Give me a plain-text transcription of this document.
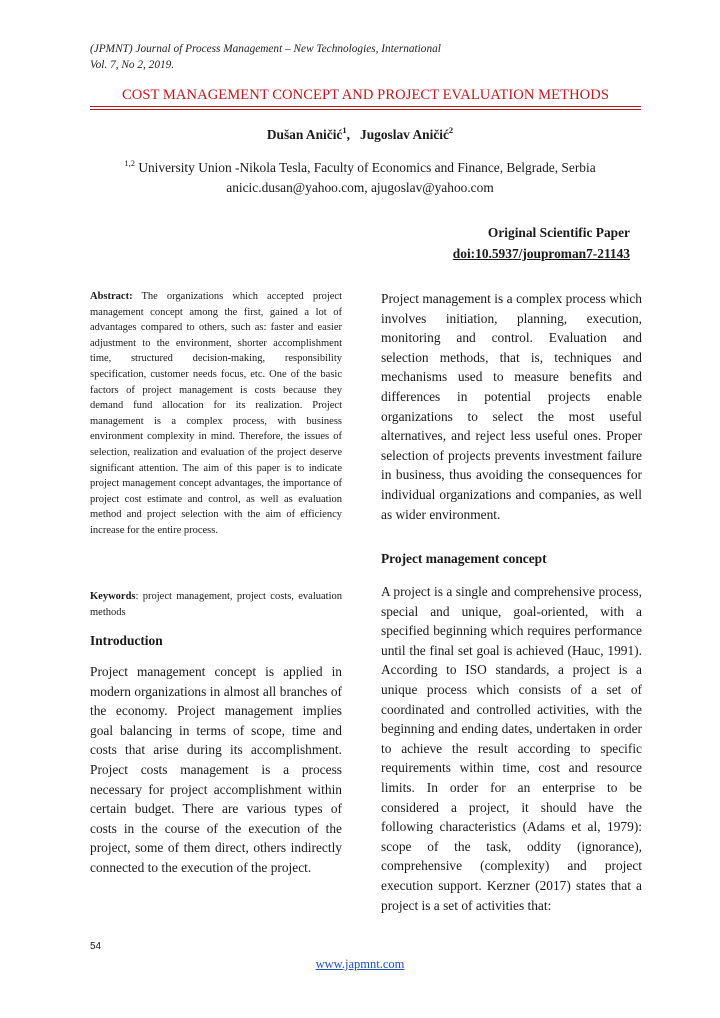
(JPMNT) Journal of Process Management – New Technologies, International
Vol. 7, No 2, 2019.
COST MANAGEMENT CONCEPT AND PROJECT EVALUATION METHODS
Dušan Aničić$^1$,   Jugoslav Aničić$^2$
$^{1,2}$ University Union -Nikola Tesla, Faculty of Economics and Finance, Belgrade, Serbia
anicic.dusan@yahoo.com, ajugoslav@yahoo.com
Original Scientific Paper
doi:10.5937/jouproman7-21143
Abstract: The organizations which accepted project management concept among the first, gained a lot of advantages compared to others, such as: faster and easier adjustment to the environment, shorter accomplishment time, structured decision-making, responsibility specification, customer needs focus, etc. One of the basic factors of project management is costs because they demand fund allocation for its realization. Project management is a complex process, with business environment complexity in mind. Therefore, the issues of selection, realization and evaluation of the project deserve significant attention. The aim of this paper is to indicate project management concept advantages, the importance of project cost estimate and control, as well as evaluation method and project selection with the aim of efficiency increase for the entire process.
Keywords: project management, project costs, evaluation methods
Introduction
Project management concept is applied in modern organizations in almost all branches of the economy. Project management implies goal balancing in terms of scope, time and costs that arise during its accomplishment. Project costs management is a process necessary for project accomplishment within certain budget. There are various types of costs in the course of the execution of the project, some of them direct, others indirectly connected to the execution of the project.
Project management is a complex process which involves initiation, planning, execution, monitoring and control. Evaluation and selection methods, that is, techniques and mechanisms used to measure benefits and differences in potential projects enable organizations to select the most useful alternatives, and reject less useful ones. Proper selection of projects prevents investment failure in business, thus avoiding the consequences for individual organizations and companies, as well as wider environment.
Project management concept
A project is a single and comprehensive process, special and unique, goal-oriented, with a specified beginning which requires performance until the final set goal is achieved (Hauc, 1991). According to ISO standards, a project is a unique process which consists of a set of coordinated and controlled activities, with the beginning and ending dates, undertaken in order to achieve the result according to specific requirements within time, cost and resource limits. In order for an enterprise to be considered a project, it should have the following characteristics (Adams et al, 1979): scope of the task, oddity (ignorance), comprehensive (complexity) and project execution support. Kerzner (2017) states that a project is a set of activities that:
54
www.japmnt.com
